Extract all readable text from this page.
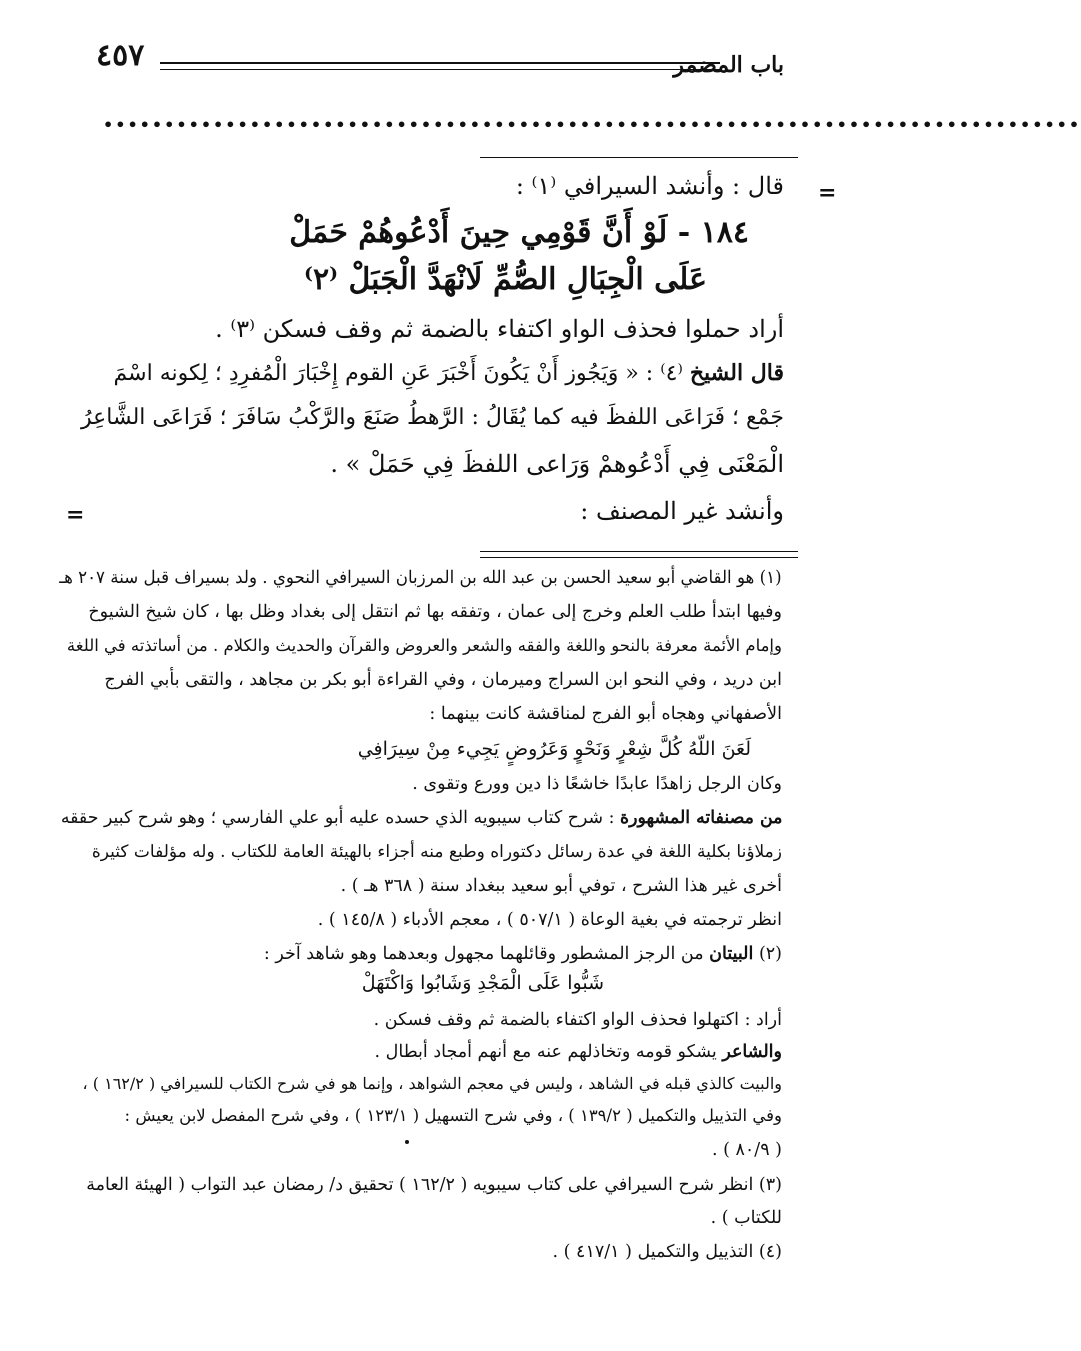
باب المضمر
٤٥٧
••••••••••••••••••••••••••••••••••••••••••••••••••••••••••••••••••••••••••••••••
=
=
قال : وأنشد السيرافي ⁽١⁾ :
١٨٤ - لَوْ أَنَّ قَوْمِي حِينَ أَدْعُوهُمْ حَمَلْ
عَلَى الْجِبَالِ الصُّمِّ لَانْهَدَّ الْجَبَلْ ⁽٢⁾
أراد حملوا فحذف الواو اكتفاء بالضمة ثم وقف فسكن ⁽٣⁾ .
قال الشيخ ⁽٤⁾ : « وَيَجُوز أَنْ يَكُونَ أَخْبَرَ عَنِ القوم إِخْبَارَ الْمُفرِدِ ؛ لِكونه اسْمَ
جَمْع ؛ فَرَاعَى اللفظَ فيه كما يُقَالُ : الرَّهطُ صَنَعَ والرَّكْبُ سَافَرَ ؛ فَرَاعَى الشَّاعِرُ
الْمَعْنَى فِي أَدْعُوهمْ وَرَاعى اللفظَ فِي حَمَلْ » .
وأنشد غير المصنف :
(١) هو القاضي أبو سعيد الحسن بن عبد الله بن المرزبان السيرافي النحوي . ولد بسيراف قبل سنة ٢٠٧ هـ
وفيها ابتدأ طلب العلم وخرج إلى عمان ، وتفقه بها ثم انتقل إلى بغداد وظل بها ، كان شيخ الشيوخ
وإمام الأئمة معرفة بالنحو واللغة والفقه والشعر والعروض والقرآن والحديث والكلام . من أساتذته في اللغة
ابن دريد ، وفي النحو ابن السراج وميرمان ، وفي القراءة أبو بكر بن مجاهد ، والتقى بأبي الفرج
الأصفهاني وهجاه أبو الفرج لمناقشة كانت بينهما :
لَعَنَ اللّهُ كُلَّ شِعْرٍ وَنَحْوٍ وَعَرُوضٍ يَجِيء مِنْ سِيرَافِي
وكان الرجل زاهدًا عابدًا خاشعًا ذا دين وورع وتقوى .
من مصنفاته المشهورة : شرح كتاب سيبويه الذي حسده عليه أبو علي الفارسي ؛ وهو شرح كبير حققه
زملاؤنا بكلية اللغة في عدة رسائل دكتوراه وطبع منه أجزاء بالهيئة العامة للكتاب . وله مؤلفات كثيرة
أخرى غير هذا الشرح ، توفي أبو سعيد ببغداد سنة ( ٣٦٨ هـ ) .
انظر ترجمته في بغية الوعاة ( ٥٠٧/١ ) ، معجم الأدباء ( ١٤٥/٨ ) .
(٢) البيتان من الرجز المشطور وقائلهما مجهول وبعدهما وهو شاهد آخر :
شَبُّوا عَلَى الْمَجْدِ وَشَابُوا وَاكْتَهَلْ
أراد : اكتهلوا فحذف الواو اكتفاء بالضمة ثم وقف فسكن .
والشاعر يشكو قومه وتخاذلهم عنه مع أنهم أمجاد أبطال .
والبيت كالذي قبله في الشاهد ، وليس في معجم الشواهد ، وإنما هو في شرح الكتاب للسيرافي ( ١٦٢/٢ ) ،
وفي التذييل والتكميل ( ١٣٩/٢ ) ، وفي شرح التسهيل ( ١٢٣/١ ) ، وفي شرح المفصل لابن يعيش :
( ٨٠/٩ ) .
(٣) انظر شرح السيرافي على كتاب سيبويه ( ١٦٢/٢ ) تحقيق د/ رمضان عبد التواب ( الهيئة العامة
للكتاب ) .
(٤) التذييل والتكميل ( ٤١٧/١ ) .
